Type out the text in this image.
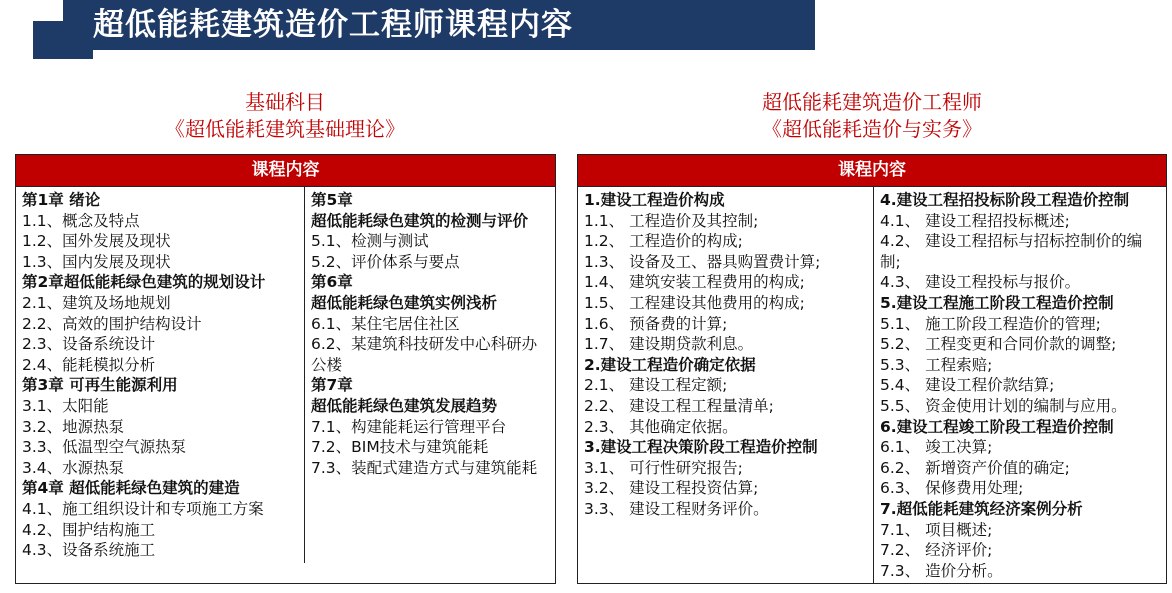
超低能耗建筑造价工程师课程内容
基础科目
《超低能耗建筑基础理论》
超低能耗建筑造价工程师
《超低能耗造价与实务》
课程内容
第1章 绪论
1.1、概念及特点
1.2、国外发展及现状
1.3、国内发展及现状
第2章超低能耗绿色建筑的规划设计
2.1、建筑及场地规划
2.2、高效的围护结构设计
2.3、设备系统设计
2.4、能耗模拟分析
第3章 可再生能源利用
3.1、太阳能
3.2、地源热泵
3.3、低温型空气源热泵
3.4、水源热泵
第4章 超低能耗绿色建筑的建造
4.1、施工组织设计和专项施工方案
4.2、围护结构施工
4.3、设备系统施工
第5章
超低能耗绿色建筑的检测与评价
5.1、检测与测试
5.2、评价体系与要点
第6章
超低能耗绿色建筑实例浅析
6.1、某住宅居住社区
6.2、某建筑科技研发中心科研办公楼
第7章
超低能耗绿色建筑发展趋势
7.1、构建能耗运行管理平台
7.2、BIM技术与建筑能耗
7.3、装配式建造方式与建筑能耗
课程内容
1.建设工程造价构成
1.1、 工程造价及其控制;
1.2、 工程造价的构成;
1.3、 设备及工、器具购置费计算;
1.4、 建筑安装工程费用的构成;
1.5、 工程建设其他费用的构成;
1.6、 预备费的计算;
1.7、 建设期贷款利息。
2.建设工程造价确定依据
2.1、 建设工程定额;
2.2、 建设工程工程量清单;
2.3、 其他确定依据。
3.建设工程决策阶段工程造价控制
3.1、 可行性研究报告;
3.2、 建设工程投资估算;
3.3、 建设工程财务评价。
4.建设工程招投标阶段工程造价控制
4.1、 建设工程招投标概述;
4.2、 建设工程招标与招标控制价的编制;
4.3、 建设工程投标与报价。
5.建设工程施工阶段工程造价控制
5.1、 施工阶段工程造价的管理;
5.2、 工程变更和合同价款的调整;
5.3、 工程索赔;
5.4、 建设工程价款结算;
5.5、 资金使用计划的编制与应用。
6.建设工程竣工阶段工程造价控制
6.1、 竣工决算;
6.2、 新增资产价值的确定;
6.3、 保修费用处理;
7.超低能耗建筑经济案例分析
7.1、 项目概述;
7.2、 经济评价;
7.3、 造价分析。
